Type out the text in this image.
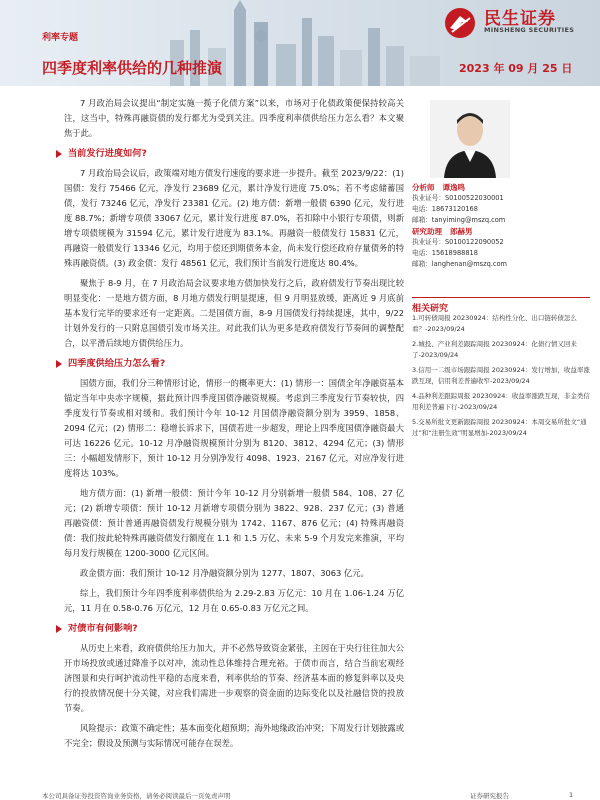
民生证券
MINSHENG SECURITIES
利率专题
四季度利率供给的几种推演	2023 年 09 月 25 日
7 月政治局会议提出“制定实施一揽子化债方案”以来，市场对于化债政策便保持较高关注，这当中，特殊再融资债的发行都尤为受到关注。四季度利率债供给压力怎么看？本文聚焦于此。
当前发行进度如何?
7 月政治局会议后，政策端对地方债发行速度的要求进一步提升。截至 2023/9/22：(1) 国债：发行 75466 亿元，净发行 23689 亿元，累计净发行进度 75.0%；若不考虑储蓄国债，发行 73246 亿元，净发行 23381 亿元。(2) 地方债：新增一般债 6390 亿元，发行进度 88.7%；新增专项债 33067 亿元，累计发行进度 87.0%，若扣除中小银行专项债，则新增专项债规模为 31594 亿元，累计发行进度为 83.1%。再融资一般债发行 15831 亿元，再融资一般债发行 13346 亿元，均用于偿还到期债务本金，尚未发行偿还政府存量债务的特殊再融资债。(3) 政金债：发行 48561 亿元，我们预计当前发行进度达 80.4%。
聚焦于 8-9 月，在 7 月政治局会议要求地方债加快发行之后，政府债发行节奏出现比较明显变化：一是地方债方面，8 月地方债发行明显提速，但 9 月明显放缓，距离近 9 月底前基本发行完毕的要求还有一定距离。二是国债方面，8-9 月国债发行持续提速，其中，9/22 计划外发行的一只附息国债引发市场关注。对此我们认为更多是政府债发行节奏间的调整配合，以平滑后续地方债供给压力。
四季度供给压力怎么看?
国债方面，我们分三种情形讨论，情形一的概率更大：(1) 情形一：国债全年净融资基本锚定当年中央赤字规模，据此预计四季度国债净融资规模。考虑到三季度发行节奏较快，四季度发行节奏或相对缓和。我们预计今年 10-12 月国债净融资额分别为 3959、1858、2094 亿元；(2) 情形二：稳增长诉求下，国债若进一步超发，理论上四季度国债净融资最大可达 16226 亿元。10-12 月净融资规模预计分别为 8120、3812、4294 亿元；(3) 情形三：小幅超发情形下，预计 10-12 月分别净发行 4098、1923、2167 亿元，对应净发行进度将达 103%。
地方债方面：(1) 新增一般债：预计今年 10-12 月分别新增一般债 584、108、27 亿元；(2) 新增专项债：预计 10-12 月新增专项债分别为 3822、928、237 亿元；(3) 普通再融资债：预计普通再融资债发行规模分别为 1742、1167、876 亿元；(4) 特殊再融资债：我们按此轮特殊再融资债发行额度在 1.1 和 1.5 万亿、未来 5-9 个月发完来推演，平均每月发行规模在 1200-3000 亿元区间。
政金债方面：我们预计 10-12 月净融资额分别为 1277、1807、3063 亿元。
综上，我们预计今年四季度利率债供给为 2.29-2.83 万亿元：10 月在 1.06-1.24 万亿元，11 月在 0.58-0.76 万亿元，12 月在 0.65-0.83 万亿元之间。
对债市有何影响?
从历史上来看，政府债供给压力加大，并不必然导致资金紧张，主因在于央行往往加大公开市场投放或通过降准予以对冲，流动性总体维持合理充裕。于债市而言，结合当前宏观经济图景和央行呵护流动性平稳的态度来看，利率供给的节奏、经济基本面的修复斜率以及央行的投放情况便十分关键，对应我们需进一步观察的资金面的边际变化以及社融信贷的投放节奏。
风险提示：政策不确定性；基本面变化超预期；海外地缘政治冲突；下周发行计划披露或不完全；假设及预测与实际情况可能存在误差。
分析师 谭逸鸣
执业证号：S0100522030001
电话：18673120168
邮箱：tanyiming@mszq.com
研究助理 郎赫男
执业证号：S0100122090052
电话：15618988818
邮箱：langhenan@mszq.com
相关研究
1.可转债周报 20230924：结构性分化、出口链转债怎么看？-2023/09/24
2.城投、产业利差跟踪周报 20230924：化债行情又回来了-2023/09/24
3.信用一二级市场跟踪周报 20230924：发行增加，收益率涨跌互现，信用利差普遍收窄-2023/09/24
4.品种利差跟踪周报 20230924：收益率涨跌互现，非金类信用利差普遍下行-2023/09/24
5.交易所批文更新跟踪周报 20230924：本周交易所批文“通过”和“注册生效”明显增加-2023/09/24
本公司具备证券投资咨询业务资格，请务必阅读最后一页免责声明	证券研究报告	1
